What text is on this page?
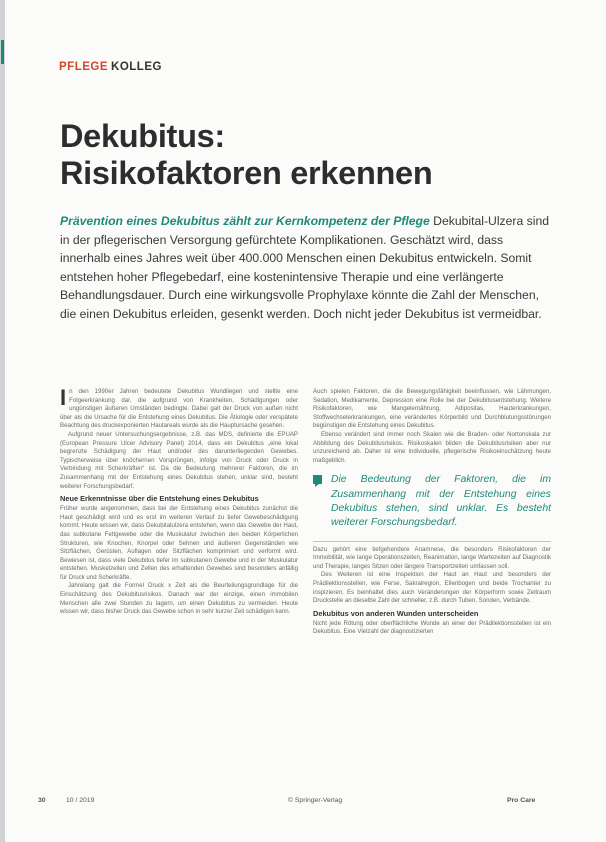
PFLEGE KOLLEG
Dekubitus:
Risikofaktoren erkennen
Prävention eines Dekubitus zählt zur Kernkompetenz der Pflege Dekubital-Ulzera sind in der pflegerischen Versorgung gefürchtete Komplikationen. Geschätzt wird, dass innerhalb eines Jahres weit über 400.000 Menschen einen Dekubitus entwickeln. Somit entstehen hoher Pflegebedarf, eine kostenintensive Therapie und eine verlängerte Behandlungsdauer. Durch eine wirkungsvolle Prophylaxe könnte die Zahl der Menschen, die einen Dekubitus erleiden, gesenkt werden. Doch nicht jeder Dekubitus ist vermeidbar.

In den 1990er Jahren bedeutete Dekubitus Wundliegen und stellte eine Folgeerkrankung dar, die aufgrund von Krankheiten, Schädigungen oder ungünstigen äußeren Umständen bedingte. Dabei galt der Druck von außen nicht über als die Ursache für die Entstehung eines Dekubitus. Die Ätiologie oder verspätete Beachtung des druckexponierten Hautareals wurde als die Hauptursache gesehen.

Aufgrund neuer Untersuchungsergebnisse, z.B. das MDS, definierte die EPUAP (European Pressure Ulcer Advisory Panel) 2014, dass ein Dekubitus „eine lokal begrenzte Schädigung der Haut und/oder des darunterliegenden Gewebes. Typischerweise über knöchernen Vorsprüngen, infolge von Druck oder Druck in Verbindung mit Scherkräften“ ist. Da die Bedeutung mehrerer Faktoren, die im Zusammenhang mit der Entstehung eines Dekubitus stehen, unklar sind, besteht weiterer Forschungsbedarf.

Neue Erkenntnisse über die Entstehung eines Dekubitus

Früher wurde angenommen, dass bei der Entstehung eines Dekubitus zunächst die Haut geschädigt wird und es erst im weiteren Verlauf zu tiefer Gewebeschädigung kommt. Heute wissen wir, dass Dekubitalulzera entstehen, wenn das Gewebe der Haut, das subkutane Fettgewebe oder die Muskulatur zwischen den beiden Körperlichen Strukturen, wie Knochen, Knorpel oder Sehnen und äußeren Gegenständen wie Sitzflächen, Gerüsten, Auflagen oder Sitzflächen komprimiert und verformt wird. Bewiesen ist, dass viele Dekubitus tiefer im subkutanen Gewebe und in der Muskulatur entstehen. Muskelzellen und Zellen des erhaltenden Gewebes sind besonders anfällig für Druck und Scherkräfte.

Jahrelang galt die Formel Druck x Zeit als die Beurteilungsgrundlage für die Einschätzung des Dekubitusrisikos. Danach war der einzige, einen immobilen Menschen alle zwei Stunden zu lagern, um einen Dekubitus zu vermeiden. Heute wissen wir, dass bisher Druck das Gewebe schon in sehr kurzer Zeit schädigen kann.

Auch spielen Faktoren, die die Bewegungsfähigkeit beeinflussen, wie Lähmungen, Sedation, Medikamente, Depression eine Rolle bei der Dekubitusentstehung. Weitere Risikofaktoren, wie Mangelernährung, Adipositas, Hauterkrankungen, Stoffwechselerkrankungen, eine verändertes Körperbild und Durchblutungsstörungen begünstigen die Entstehung eines Dekubitus.

Ebenso verändert sind immer noch Skalen wie die Braden- oder Nortonskala zur Abbildung des Dekubitusrisikos. Risikoskalen bilden die Dekubitusrisiken aber nur unzureichend ab. Daher ist eine individuelle, pflegerische Risikoeinschätzung heute maßgeblich.

Die Bedeutung der Faktoren, die im Zusammenhang mit der Entstehung eines Dekubitus stehen, sind unklar. Es besteht weiterer Forschungsbedarf.

Dazu gehört eine tiefgehendere Anamnese, die besonders Risikofaktoren der Immobilität, wie lange Operationszeiten, Reanimation, lange Wartezeiten auf Diagnostik und Therapie, langes Sitzen oder längere Transportzeiten umfassen soll.

Des Weiteren ist eine Inspektion der Haut an Haut und besonders der Prädilektionsstellen, wie Ferse, Sakralregion, Ellenbogen und beide Trochanter zu inspizieren. Es beinhaltet dies auch Veränderungen der Körperform sowie Zeitraum Druckstelle an dieselbe Zahl der schneller, z.B. durch Tuben, Sonden, Verbände.

Dekubitus von anderen Wunden unterscheiden

Nicht jede Rötung oder oberflächliche Wunde an einer der Prädilektionsstellen ist ein Dekubitus. Eine Vielzahl der diagnostizierten

30	10 / 2019	© Springer-Verlag	Pro Care
